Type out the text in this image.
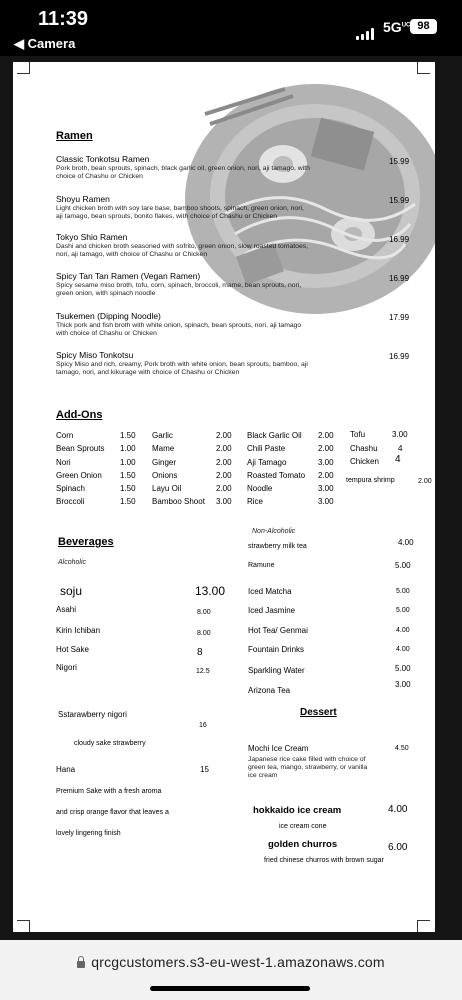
11:39
◀ Camera
$5G^{UC}$ 98
Ramen
Classic Tonkotsu Ramen
Pork broth, bean sprouts, spinach, black garlic oil, green onion, nori, aji tamago, with choice of Chashu or Chicken
15.99
Shoyu Ramen
Light chicken broth with soy tare base, bamboo shoots, spinach, green onion, nori, aji tamago, bean sprouts, bonito flakes, with choice of Chashu or Chicken
15.99
Tokyo Shio Ramen
Dashi and chicken broth seasoned with sofrito, green onion, slow roasted tomatoes, nori, aji tamago, with choice of Chashu or Chicken
16.99
Spicy Tan Tan Ramen (Vegan Ramen)
Spicy sesame miso broth, tofu, corn, spinach, broccoli, mame, bean sprouts, nori, green onion, with spinach noodle
16.99
Tsukemen (Dipping Noodle)
Thick pork and fish broth with white onion, spinach, bean sprouts, nori, aji tamago with choice of Chashu or Chicken
17.99
Spicy Miso Tonkotsu
Spicy Miso and rich, creamy, Pork broth with white onion, bean sprouts, bamboo, aji tamago, nori, and kikurage with choice of Chashu or Chicken
16.99
Add-Ons
Corn	1.50
Bean Sprouts 1.00
Nori	1.00
Green Onion 1.50
Spinach	1.50
Broccoli	1.50
Garlic	2.00
Mame	2.00
Ginger	2.00
Onions	2.00
Layu Oil	2.00
Bamboo Shoot 3.00
Black Garlic Oil 2.00
Chili Paste	2.00
Aji Tamago	3.00
Roasted Tomato 2.00
Noodle	3.00
Rice	3.00
Tofu	3.00
Chashu	4
Chicken 4
tempura shrimp	2.00
Beverages
Alcoholic
Non-Alcoholic
soju	13.00
Asahi	8.00
Kirin Ichiban	8.00
Hot Sake	8
Nigori	12.5
Sstarawberry nigori
16
cloudy sake strawberry
Hana	15
Premium Sake with a fresh aroma
and crisp orange flavor that leaves a
lovely lingering finish
strawberry milk tea	4.00
Ramune	5.00
Iced Matcha	5.00
Iced Jasmine	5.00
Hot Tea/ Genmai	4.00
Fountain Drinks	4.00
Sparkling Water	5.00
Arizona Tea
3.00
Dessert
Mochi Ice Cream	4.50
Japanese rice cake filled with choice of green tea, mango, strawberry, or vanilla ice cream
hokkaido ice cream	4.00
ice cream cone
golden churros	6.00
fried chinese churros with brown sugar
qrcgcustomers.s3-eu-west-1.amazonaws.com
